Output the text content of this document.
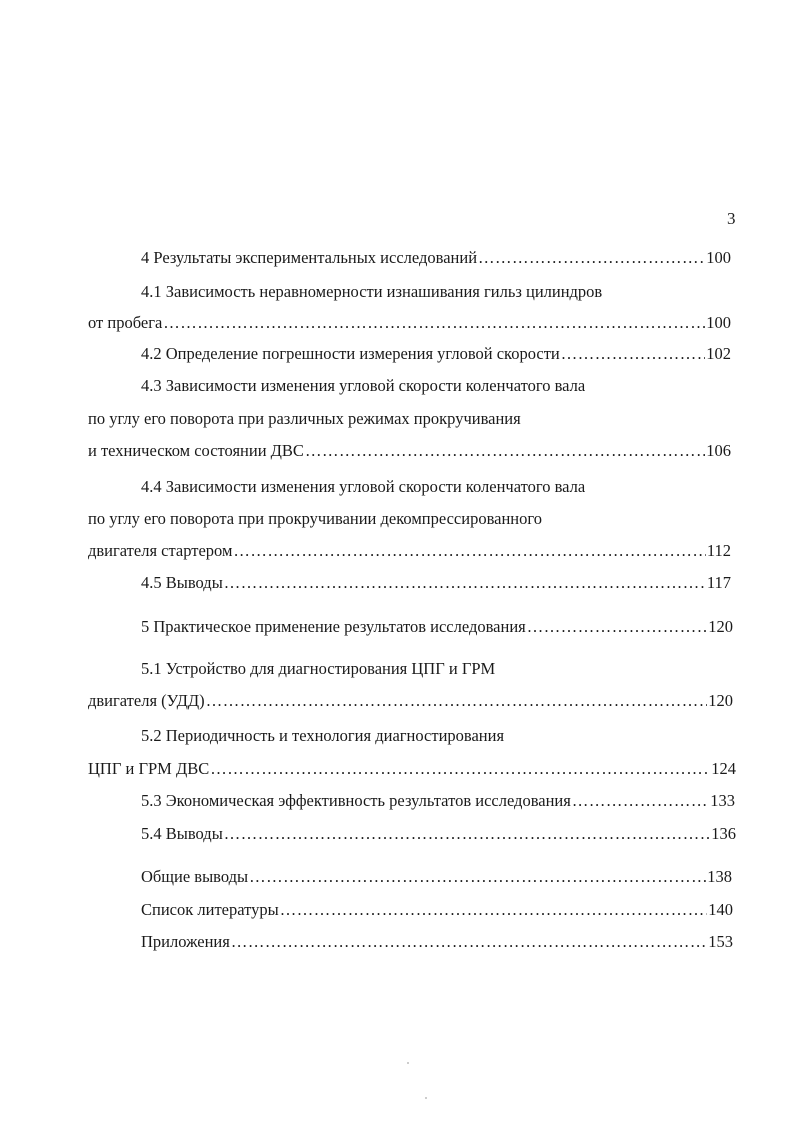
3
4 Результаты экспериментальных исследований ………………………………………………………………………………………………………………………………………………………………………………………………………………………………………………	100
4.1 Зависимость неравномерности изнашивания гильз цилиндров
от пробега ………………………………………………………………………………………………………………………………………………………………………………………………………………………………………………	100
4.2 Определение погрешности измерения угловой скорости ………………………………………………………………………………………………………………………………………………………………………………………………………………………………………………	102
4.3 Зависимости изменения угловой скорости коленчатого вала
по углу его поворота при различных режимах прокручивания
и техническом состоянии ДВС ………………………………………………………………………………………………………………………………………………………………………………………………………………………………………………	106
4.4 Зависимости изменения угловой скорости коленчатого вала
по углу его поворота при прокручивании декомпрессированного
двигателя стартером ………………………………………………………………………………………………………………………………………………………………………………………………………………………………………………	112
4.5 Выводы ………………………………………………………………………………………………………………………………………………………………………………………………………………………………………………	117
5 Практическое применение результатов исследования ………………………………………………………………………………………………………………………………………………………………………………………………………………………………………………	120
5.1 Устройство для диагностирования ЦПГ и ГРМ
двигателя (УДД) ………………………………………………………………………………………………………………………………………………………………………………………………………………………………………………	120
5.2 Периодичность и технология диагностирования
ЦПГ и ГРМ ДВС ………………………………………………………………………………………………………………………………………………………………………………………………………………………………………………	124
5.3 Экономическая эффективность результатов исследования ………………………………………………………………………………………………………………………………………………………………………………………………………………………………………………	133
5.4 Выводы ………………………………………………………………………………………………………………………………………………………………………………………………………………………………………………	136
Общие выводы ………………………………………………………………………………………………………………………………………………………………………………………………………………………………………………	138
Список литературы ………………………………………………………………………………………………………………………………………………………………………………………………………………………………………………	140
Приложения ………………………………………………………………………………………………………………………………………………………………………………………………………………………………………………	153
